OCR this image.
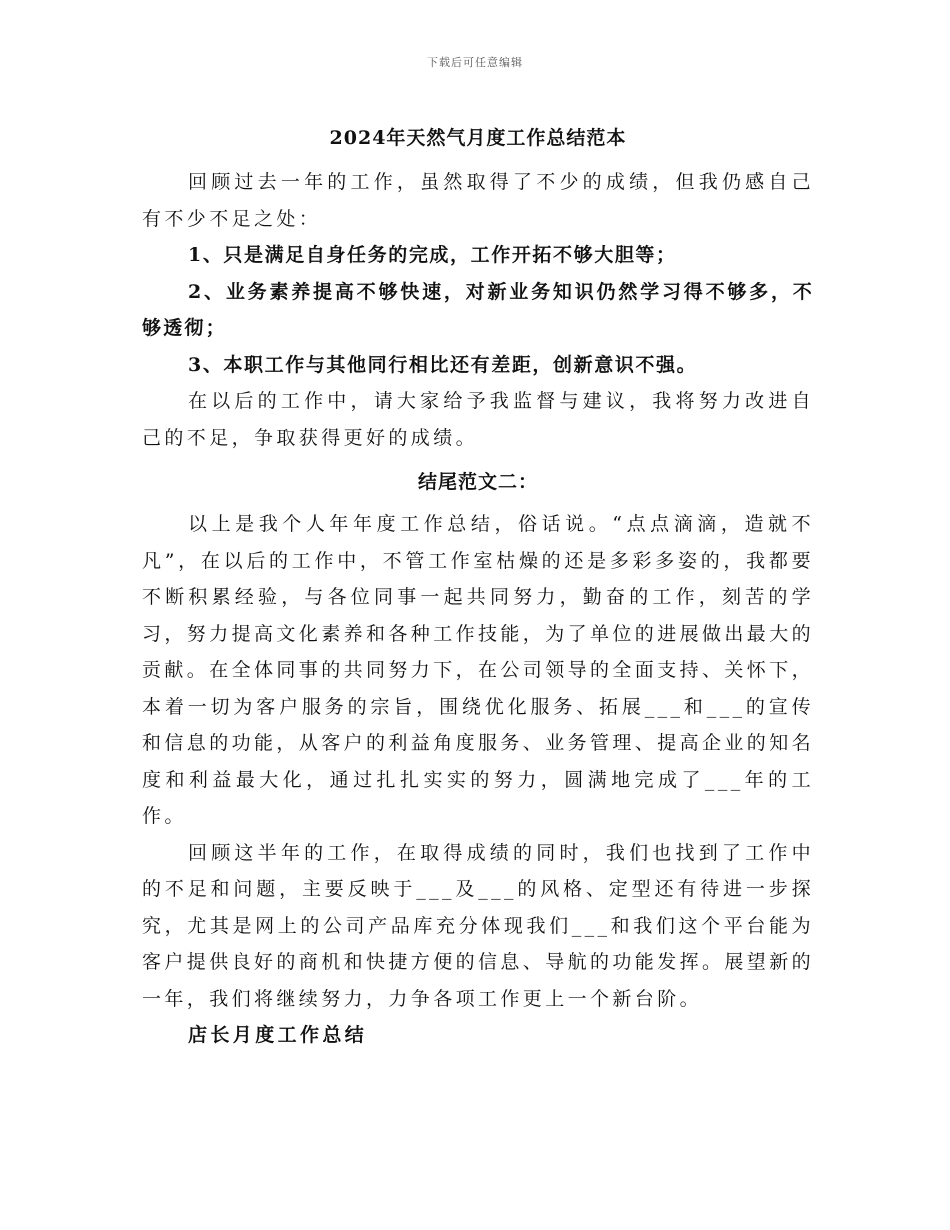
下载后可任意编辑
2024年天然气月度工作总结范本

回顾过去一年的工作，虽然取得了不少的成绩，但我仍感自己有不少不足之处：

1、只是满足自身任务的完成，工作开拓不够大胆等；

2、业务素养提高不够快速，对新业务知识仍然学习得不够多，不够透彻；

3、本职工作与其他同行相比还有差距，创新意识不强。

在以后的工作中，请大家给予我监督与建议，我将努力改进自己的不足，争取获得更好的成绩。

结尾范文二：

以上是我个人年年度工作总结，俗话说。“点点滴滴，造就不凡”，在以后的工作中，不管工作室枯燥的还是多彩多姿的，我都要不断积累经验，与各位同事一起共同努力，勤奋的工作，刻苦的学习，努力提高文化素养和各种工作技能，为了单位的进展做出最大的贡献。在全体同事的共同努力下，在公司领导的全面支持、关怀下，本着一切为客户服务的宗旨，围绕优化服务、拓展___和___的宣传和信息的功能，从客户的利益角度服务、业务管理、提高企业的知名度和利益最大化，通过扎扎实实的努力，圆满地完成了___年的工作。

回顾这半年的工作，在取得成绩的同时，我们也找到了工作中的不足和问题，主要反映于___及___的风格、定型还有待进一步探究，尤其是网上的公司产品库充分体现我们___和我们这个平台能为客户提供良好的商机和快捷方便的信息、导航的功能发挥。展望新的一年，我们将继续努力，力争各项工作更上一个新台阶。

店长月度工作总结
